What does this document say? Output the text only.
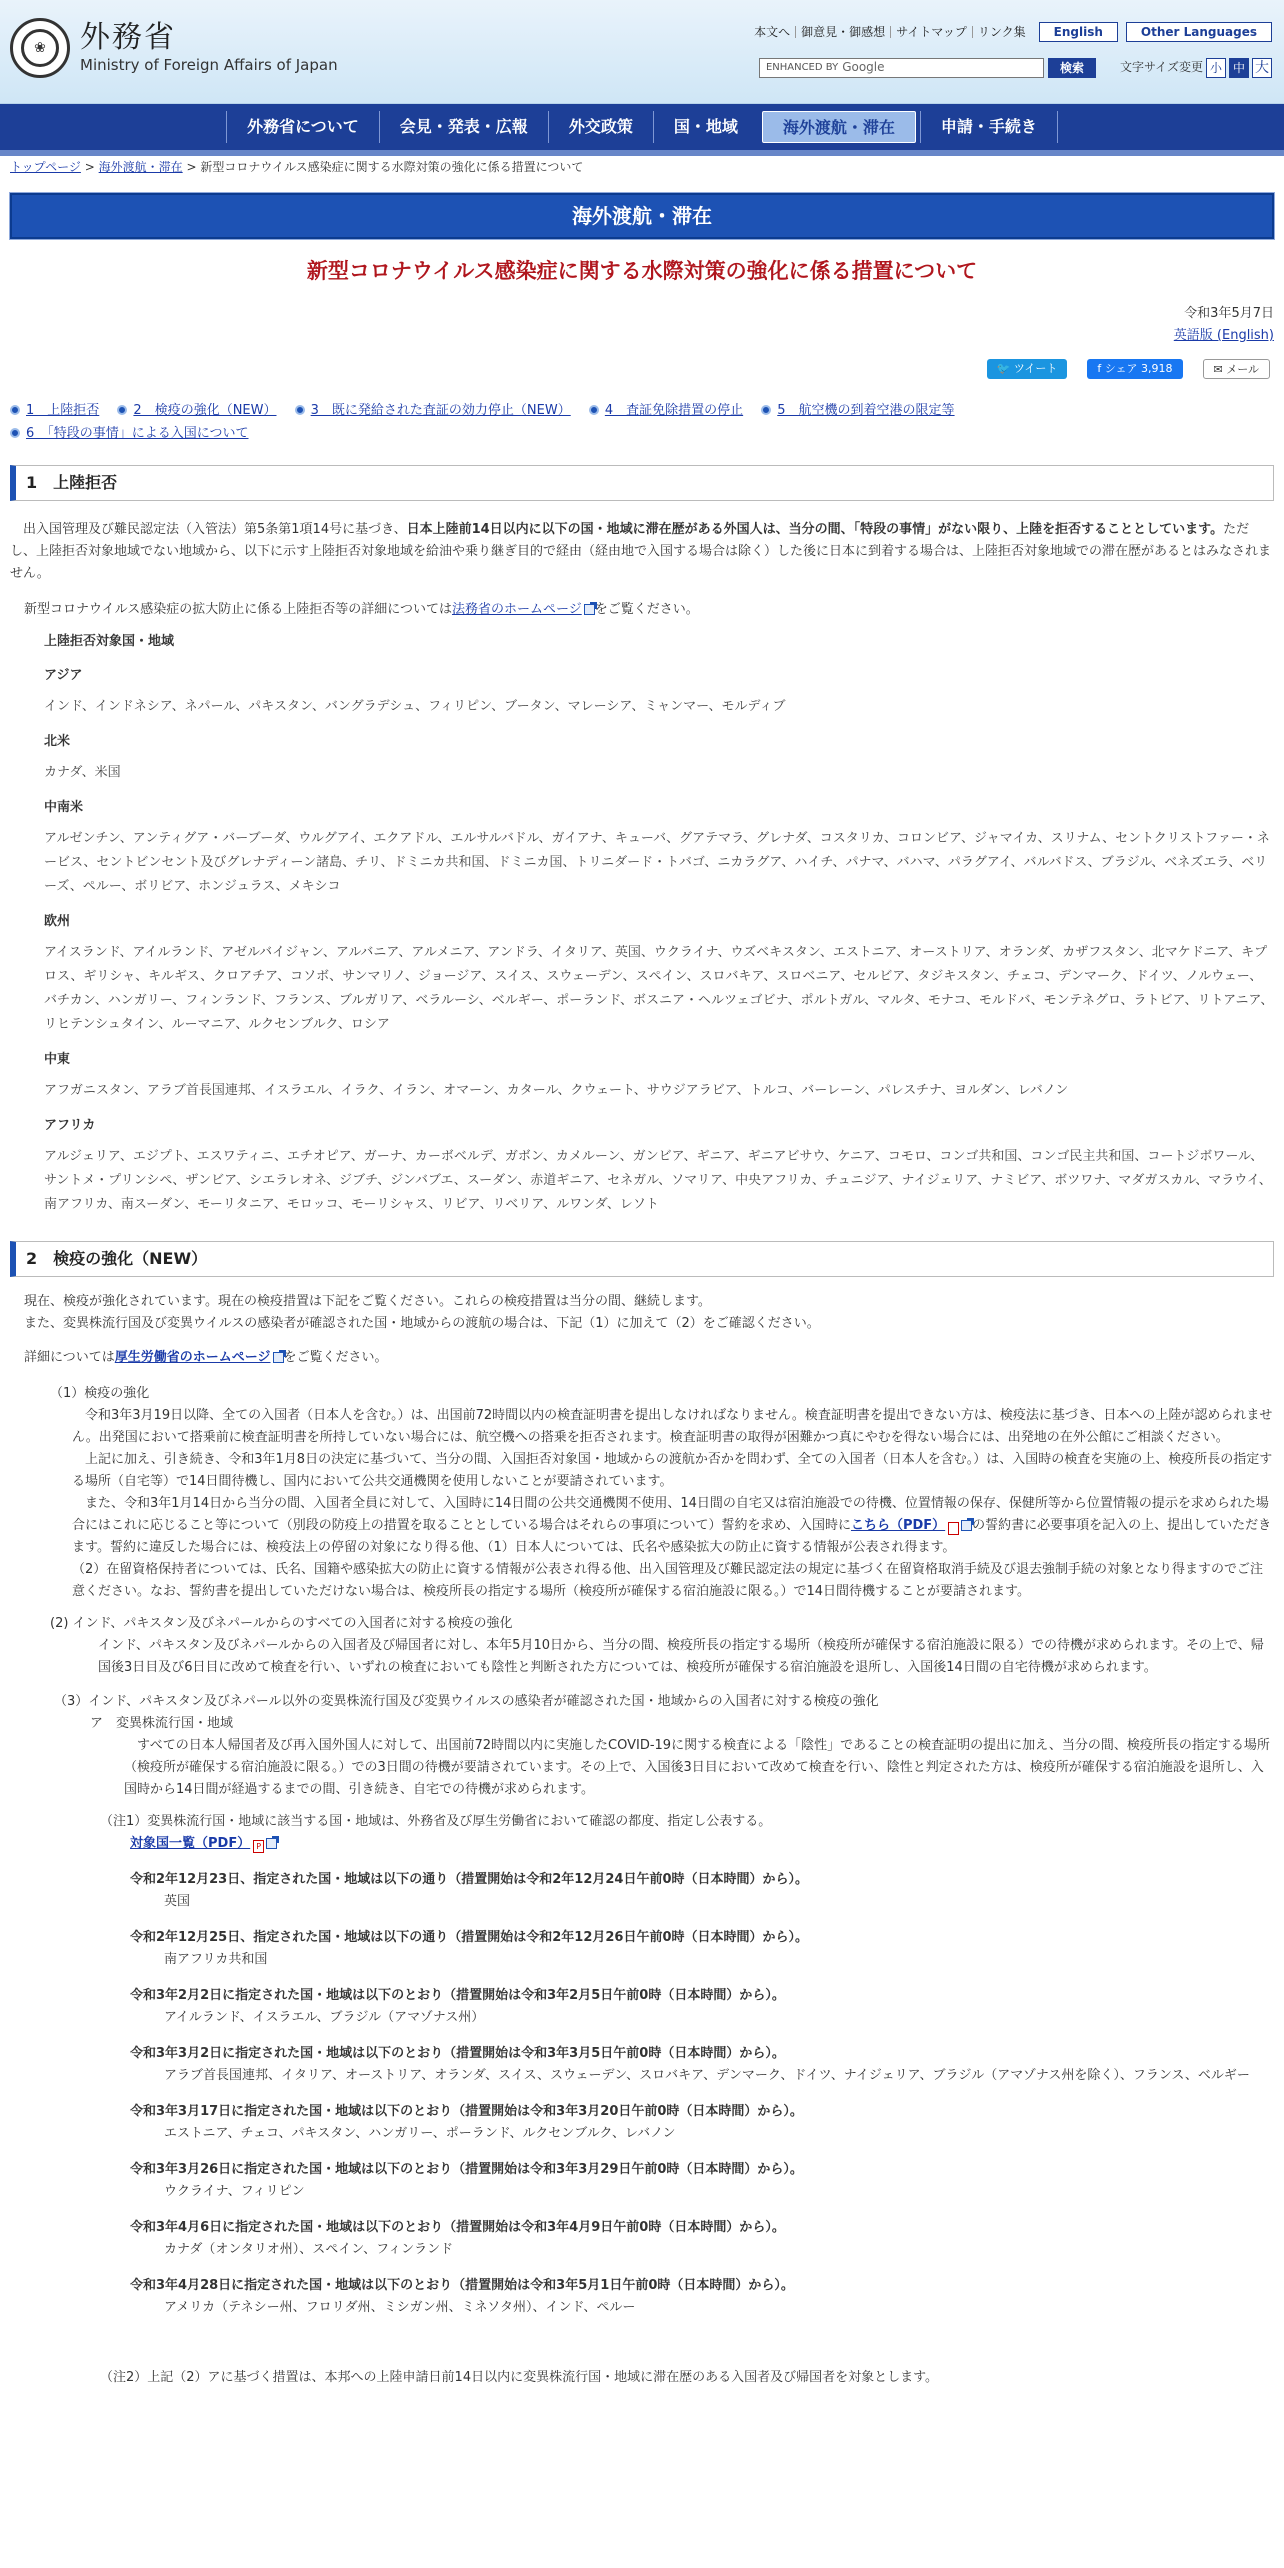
❀	外務省
Ministry of Foreign Affairs of Japan
本文へ 御意見・御感想 サイトマップ リンク集	English	Other Languages
ENHANCED BY Google	検索	文字サイズ変更 小 中 大
外務省について	会見・発表・広報	外交政策	国・地域	海外渡航・滞在	申請・手続き
トップページ > 海外渡航・滞在 > 新型コロナウイルス感染症に関する水際対策の強化に係る措置について
海外渡航・滞在
新型コロナウイルス感染症に関する水際対策の強化に係る措置について
令和3年5月7日
英語版 (English)
🐦 ツイート	f シェア 3,918	✉ メール
1　上陸拒否	2　検疫の強化（NEW）	3　既に発給された査証の効力停止（NEW）	4　査証免除措置の停止	5　航空機の到着空港の限定等
6　「特段の事情」による入国について
1　上陸拒否
　出入国管理及び難民認定法（入管法）第5条第1項14号に基づき、日本上陸前14日以内に以下の国・地域に滞在歴がある外国人は、当分の間、「特段の事情」がない限り、上陸を拒否することとしています。ただし、上陸拒否対象地域でない地域から、以下に示す上陸拒否対象地域を給油や乗り継ぎ目的で経由（経由地で入国する場合は除く）した後に日本に到着する場合は、上陸拒否対象地域での滞在歴があるとはみなされません。
新型コロナウイルス感染症の拡大防止に係る上陸拒否等の詳細については法務省のホームページ をご覧ください。
上陸拒否対象国・地域
アジア

インド、インドネシア、ネパール、パキスタン、バングラデシュ、フィリピン、ブータン、マレーシア、ミャンマー、モルディブ

北米

カナダ、米国

中南米

アルゼンチン、アンティグア・バーブーダ、ウルグアイ、エクアドル、エルサルバドル、ガイアナ、キューバ、グアテマラ、グレナダ、コスタリカ、コロンビア、ジャマイカ、スリナム、セントクリストファー・ネービス、セントビンセント及びグレナディーン諸島、チリ、ドミニカ共和国、ドミニカ国、トリニダード・トバゴ、ニカラグア、ハイチ、パナマ、バハマ、パラグアイ、バルバドス、ブラジル、ベネズエラ、ベリーズ、ペルー、ボリビア、ホンジュラス、メキシコ

欧州

アイスランド、アイルランド、アゼルバイジャン、アルバニア、アルメニア、アンドラ、イタリア、英国、ウクライナ、ウズベキスタン、エストニア、オーストリア、オランダ、カザフスタン、北マケドニア、キプロス、ギリシャ、キルギス、クロアチア、コソボ、サンマリノ、ジョージア、スイス、スウェーデン、スペイン、スロバキア、スロベニア、セルビア、タジキスタン、チェコ、デンマーク、ドイツ、ノルウェー、バチカン、ハンガリー、フィンランド、フランス、ブルガリア、ベラルーシ、ベルギー、ポーランド、ボスニア・ヘルツェゴビナ、ポルトガル、マルタ、モナコ、モルドバ、モンテネグロ、ラトビア、リトアニア、リヒテンシュタイン、ルーマニア、ルクセンブルク、ロシア

中東

アフガニスタン、アラブ首長国連邦、イスラエル、イラク、イラン、オマーン、カタール、クウェート、サウジアラビア、トルコ、バーレーン、パレスチナ、ヨルダン、レバノン

アフリカ

アルジェリア、エジプト、エスワティニ、エチオピア、ガーナ、カーボベルデ、ガボン、カメルーン、ガンビア、ギニア、ギニアビサウ、ケニア、コモロ、コンゴ共和国、コンゴ民主共和国、コートジボワール、サントメ・プリンシペ、ザンビア、シエラレオネ、ジブチ、ジンバブエ、スーダン、赤道ギニア、セネガル、ソマリア、中央アフリカ、チュニジア、ナイジェリア、ナミビア、ボツワナ、マダガスカル、マラウイ、南アフリカ、南スーダン、モーリタニア、モロッコ、モーリシャス、リビア、リベリア、ルワンダ、レソト

2　検疫の強化（NEW）
現在、検疫が強化されています。現在の検疫措置は下記をご覧ください。これらの検疫措置は当分の間、継続します。
また、変異株流行国及び変異ウイルスの感染者が確認された国・地域からの渡航の場合は、下記（1）に加えて（2）をご確認ください。
詳細については厚生労働省のホームページ をご覧ください。

（1）検疫の強化

令和3年3月19日以降、全ての入国者（日本人を含む。）は、出国前72時間以内の検査証明書を提出しなければなりません。検査証明書を提出できない方は、検疫法に基づき、日本への上陸が認められません。出発国において搭乗前に検査証明書を所持していない場合には、航空機への搭乗を拒否されます。検査証明書の取得が困難かつ真にやむを得ない場合には、出発地の在外公館にご相談ください。

上記に加え、引き続き、令和3年1月8日の決定に基づいて、当分の間、入国拒否対象国・地域からの渡航か否かを問わず、全ての入国者（日本人を含む。）は、入国時の検査を実施の上、検疫所長の指定する場所（自宅等）で14日間待機し、国内において公共交通機関を使用しないことが要請されています。

また、令和3年1月14日から当分の間、入国者全員に対して、入国時に14日間の公共交通機関不使用、14日間の自宅又は宿泊施設での待機、位置情報の保存、保健所等から位置情報の提示を求められた場合にはこれに応じること等について（別段の防疫上の措置を取ることとしている場合はそれらの事項について）誓約を求め、入国時にこちら（PDF） の誓約書に必要事項を記入の上、提出していただきます。誓約に違反した場合には、検疫法上の停留の対象になり得る他、（1）日本人については、氏名や感染拡大の防止に資する情報が公表され得ます。

（2）在留資格保持者については、氏名、国籍や感染拡大の防止に資する情報が公表され得る他、出入国管理及び難民認定法の規定に基づく在留資格取消手続及び退去強制手続の対象となり得ますのでご注意ください。なお、誓約書を提出していただけない場合は、検疫所長の指定する場所（検疫所が確保する宿泊施設に限る。）で14日間待機することが要請されます。

(2) インド、パキスタン及びネパールからのすべての入国者に対する検疫の強化

インド、パキスタン及びネパールからの入国者及び帰国者に対し、本年5月10日から、当分の間、検疫所長の指定する場所（検疫所が確保する宿泊施設に限る）での待機が求められます。その上で、帰国後3日目及び6日目に改めて検査を行い、いずれの検査においても陰性と判断された方については、検疫所が確保する宿泊施設を退所し、入国後14日間の自宅待機が求められます。

（3）インド、パキスタン及びネパール以外の変異株流行国及び変異ウイルスの感染者が確認された国・地域からの入国者に対する検疫の強化

ア　変異株流行国・地域

すべての日本人帰国者及び再入国外国人に対して、出国前72時間以内に実施したCOVID-19に関する検査による「陰性」であることの検査証明の提出に加え、当分の間、検疫所長の指定する場所（検疫所が確保する宿泊施設に限る。）での3日間の待機が要請されています。その上で、入国後3日目において改めて検査を行い、陰性と判定された方は、検疫所が確保する宿泊施設を退所し、入国時から14日間が経過するまでの間、引き続き、自宅での待機が求められます。

（注1）変異株流行国・地域に該当する国・地域は、外務省及び厚生労働省において確認の都度、指定し公表する。
対象国一覧（PDF） P
令和2年12月23日、指定された国・地域は以下の通り（措置開始は令和2年12月24日午前0時（日本時間）から）。
英国
令和2年12月25日、指定された国・地域は以下の通り（措置開始は令和2年12月26日午前0時（日本時間）から）。
南アフリカ共和国
令和3年2月2日に指定された国・地域は以下のとおり（措置開始は令和3年2月5日午前0時（日本時間）から）。
アイルランド、イスラエル、ブラジル（アマゾナス州）
令和3年3月2日に指定された国・地域は以下のとおり（措置開始は令和3年3月5日午前0時（日本時間）から）。
アラブ首長国連邦、イタリア、オーストリア、オランダ、スイス、スウェーデン、スロバキア、デンマーク、ドイツ、ナイジェリア、ブラジル（アマゾナス州を除く）、フランス、ベルギー
令和3年3月17日に指定された国・地域は以下のとおり（措置開始は令和3年3月20日午前0時（日本時間）から）。
エストニア、チェコ、パキスタン、ハンガリー、ポーランド、ルクセンブルク、レバノン
令和3年3月26日に指定された国・地域は以下のとおり（措置開始は令和3年3月29日午前0時（日本時間）から）。
ウクライナ、フィリピン
令和3年4月6日に指定された国・地域は以下のとおり（措置開始は令和3年4月9日午前0時（日本時間）から）。
カナダ（オンタリオ州）、スペイン、フィンランド
令和3年4月28日に指定された国・地域は以下のとおり（措置開始は令和3年5月1日午前0時（日本時間）から）。
アメリカ（テネシー州、フロリダ州、ミシガン州、ミネソタ州）、インド、ペルー
（注2）上記（2）アに基づく措置は、本邦への上陸申請日前14日以内に変異株流行国・地域に滞在歴のある入国者及び帰国者を対象とします。
